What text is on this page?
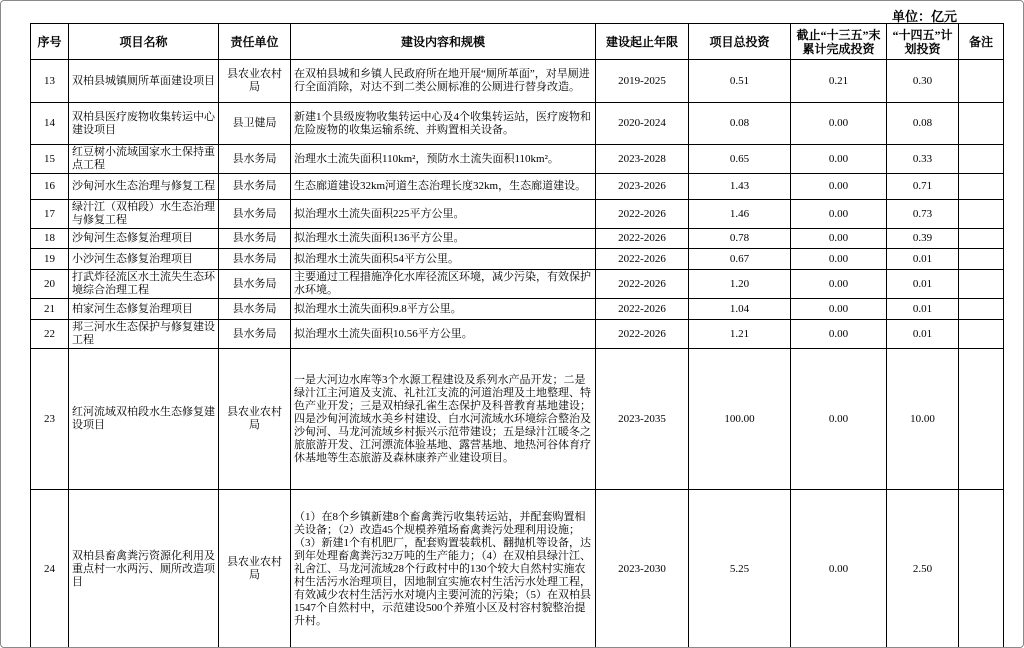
单位：亿元
序号	项目名称	责任单位	建设内容和规模	建设起止年限	项目总投资	截止“十三五”末累计完成投资	“十四五”计划投资	备注
13	双柏县城镇厕所革面建设项目	县农业农村局	在双柏县城和乡镇人民政府所在地开展“厕所革面”，对旱厕进行全面消除，对达不到二类公厕标准的公厕进行替身改造。	2019-2025	0.51	0.21	0.30	
14	双柏县医疗废物收集转运中心建设项目	县卫健局	新建1个县级废物收集转运中心及4个收集转运站，医疗废物和危险废物的收集运输系统、并购置相关设备。	2020-2024	0.08	0.00	0.08	
15	红豆树小流域国家水土保持重点工程	县水务局	治理水土流失面积110km²，预防水土流失面积110km²。	2023-2028	0.65	0.00	0.33	
16	沙甸河水生态治理与修复工程	县水务局	生态廊道建设32km河道生态治理长度32km，生态廊道建设。	2023-2026	1.43	0.00	0.71	
17	绿汁江（双柏段）水生态治理与修复工程	县水务局	拟治理水土流失面积225平方公里。	2022-2026	1.46	0.00	0.73	
18	沙甸河生态修复治理项目	县水务局	拟治理水土流失面积136平方公里。	2022-2026	0.78	0.00	0.39	
19	小沙河生态修复治理项目	县水务局	拟治理水土流失面积54平方公里。	2022-2026	0.67	0.00	0.01	
20	打武炸径流区水土流失生态环境综合治理工程	县水务局	主要通过工程措施净化水库径流区环境，减少污染，有效保护水环境。	2022-2026	1.20	0.00	0.01	
21	柏家河生态修复治理项目	县水务局	拟治理水土流失面积9.8平方公里。	2022-2026	1.04	0.00	0.01	
22	邦三河水生态保护与修复建设工程	县水务局	拟治理水土流失面积10.56平方公里。	2022-2026	1.21	0.00	0.01	
23	红河流域双柏段水生态修复建设项目	县农业农村局	一是大河边水库等3个水源工程建设及系列水产品开发；二是绿汁江主河道及支流、礼社江支流的河道治理及土地整理、特色产业开发；三是双柏绿孔雀生态保护及科普教育基地建设；四是沙甸河流域水美乡村建设、白水河流域水环境综合整治及沙甸河、马龙河流域乡村振兴示范带建设；五是绿汁江暖冬之旅旅游开发、江河漂流体验基地、露营基地、地热河谷体育疗休基地等生态旅游及森林康养产业建设项目。	2023-2035	100.00	0.00	10.00	
24	双柏县畜禽粪污资源化利用及重点村一水两污、厕所改造项目	县农业农村局	（1）在8个乡镇新建8个畜禽粪污收集转运站，并配套购置相关设备；（2）改造45个规模养殖场畜禽粪污处理利用设施；（3）新建1个有机肥厂，配套购置装载机、翻抛机等设备，达到年处理畜禽粪污32万吨的生产能力；（4）在双柏县绿汁江、礼舍江、马龙河流域28个行政村中的130个较大自然村实施农村生活污水治理项目，因地制宜实施农村生活污水处理工程，有效减少农村生活污水对境内主要河流的污染；（5）在双柏县1547个自然村中，示范建设500个养殖小区及村容村貌整治提升村。	2023-2030	5.25	0.00	2.50	
